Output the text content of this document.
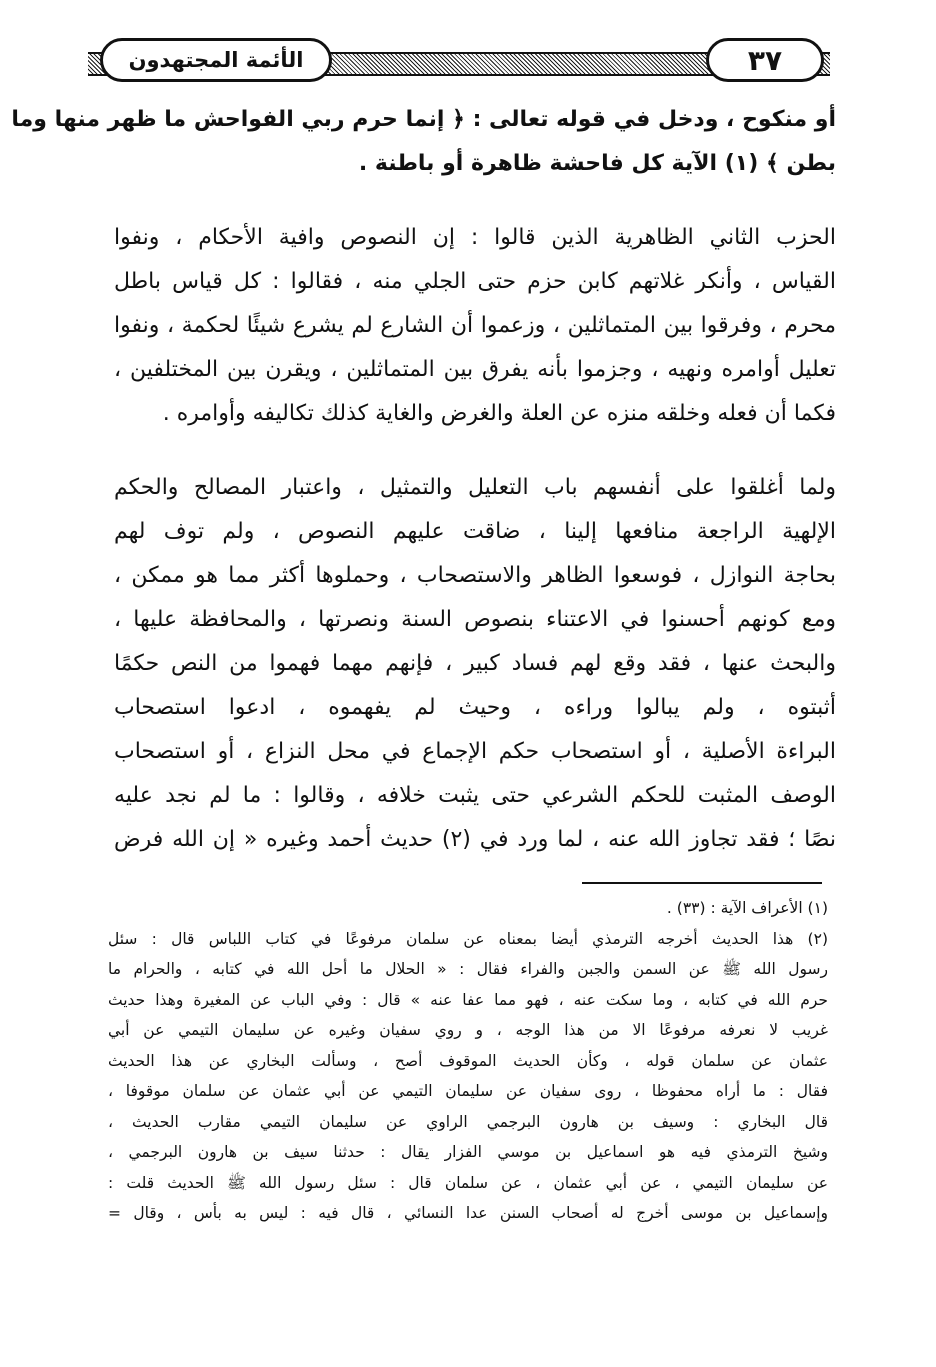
الأئمة المجتهدون	٣٧

أو منكوح ، ودخل في قوله تعالى : ﴿ إنما حرم ربي الفواحش ما ظهر منها وما
بطن ﴾ (١) الآية كل فاحشة ظاهرة أو باطنة .

الحزب الثاني الظاهرية الذين قالوا : إن النصوص وافية الأحكام ، ونفوا
القياس ، وأنكر غلاتهم كابن حزم حتى الجلي منه ، فقالوا : كل قياس باطل
محرم ، وفرقوا بين المتماثلين ، وزعموا أن الشارع لم يشرع شيئًا لحكمة ، ونفوا
تعليل أوامره ونهيه ، وجزموا بأنه يفرق بين المتماثلين ، ويقرن بين المختلفين ،
فكما أن فعله وخلقه منزه عن العلة والغرض والغاية كذلك تكاليفه وأوامره .

ولما أغلقوا على أنفسهم باب التعليل والتمثيل ، واعتبار المصالح والحكم
الإلهية الراجعة منافعها إلينا ، ضاقت عليهم النصوص ، ولم توف لهم
بحاجة النوازل ، فوسعوا الظاهر والاستصحاب ، وحملوها أكثر مما هو ممكن ،
ومع كونهم أحسنوا في الاعتناء بنصوص السنة ونصرتها ، والمحافظة عليها ،
والبحث عنها ، فقد وقع لهم فساد كبير ، فإنهم مهما فهموا من النص حكمًا
أثبتوه ، ولم يبالوا وراءه ، وحيث لم يفهموه ، ادعوا استصحاب
البراءة الأصلية ، أو استصحاب حكم الإجماع في محل النزاع ، أو استصحاب
الوصف المثبت للحكم الشرعي حتى يثبت خلافه ، وقالوا : ما لم نجد عليه
نصًا ؛ فقد تجاوز الله عنه ، لما ورد في (٢) حديث أحمد وغيره « إن الله فرض

(١) الأعراف الآية : (٣٣) .
(٢) هذا الحديث أخرجه الترمذي أيضا بمعناه عن سلمان مرفوعًا في كتاب اللباس قال : سئل
رسول الله ﷺ عن السمن والجبن والفراء فقال : « الحلال ما أحل الله في كتابه ، والحرام ما
حرم الله في كتابه ، وما سكت عنه ، فهو مما عفا عنه » قال : وفي الباب عن المغيرة وهذا حديث
غريب لا نعرفه مرفوعًا الا من هذا الوجه ، و روي سفيان وغيره عن سليمان التيمي عن أبي
عثمان عن سلمان قوله ، وكأن الحديث الموقوف أصح ، وسألت البخاري عن هذا الحديث
فقال : ما أراه محفوظا ، روى سفيان عن سليمان التيمي عن أبي عثمان عن سلمان موقوفا ،
قال البخاري : وسيف بن هارون البرجمي الراوي عن سليمان التيمي مقارب الحديث ،
وشيخ الترمذي فيه هو اسماعيل بن موسي الفزار يقال : حدثنا سيف بن هارون البرجمي ،
عن سليمان التيمي ، عن أبي عثمان ، عن سلمان قال : سئل رسول الله ﷺ الحديث قلت :
وإسماعيل بن موسى أخرج له أصحاب السنن عدا النسائي ، قال فيه : ليس به بأس ، وقال =
